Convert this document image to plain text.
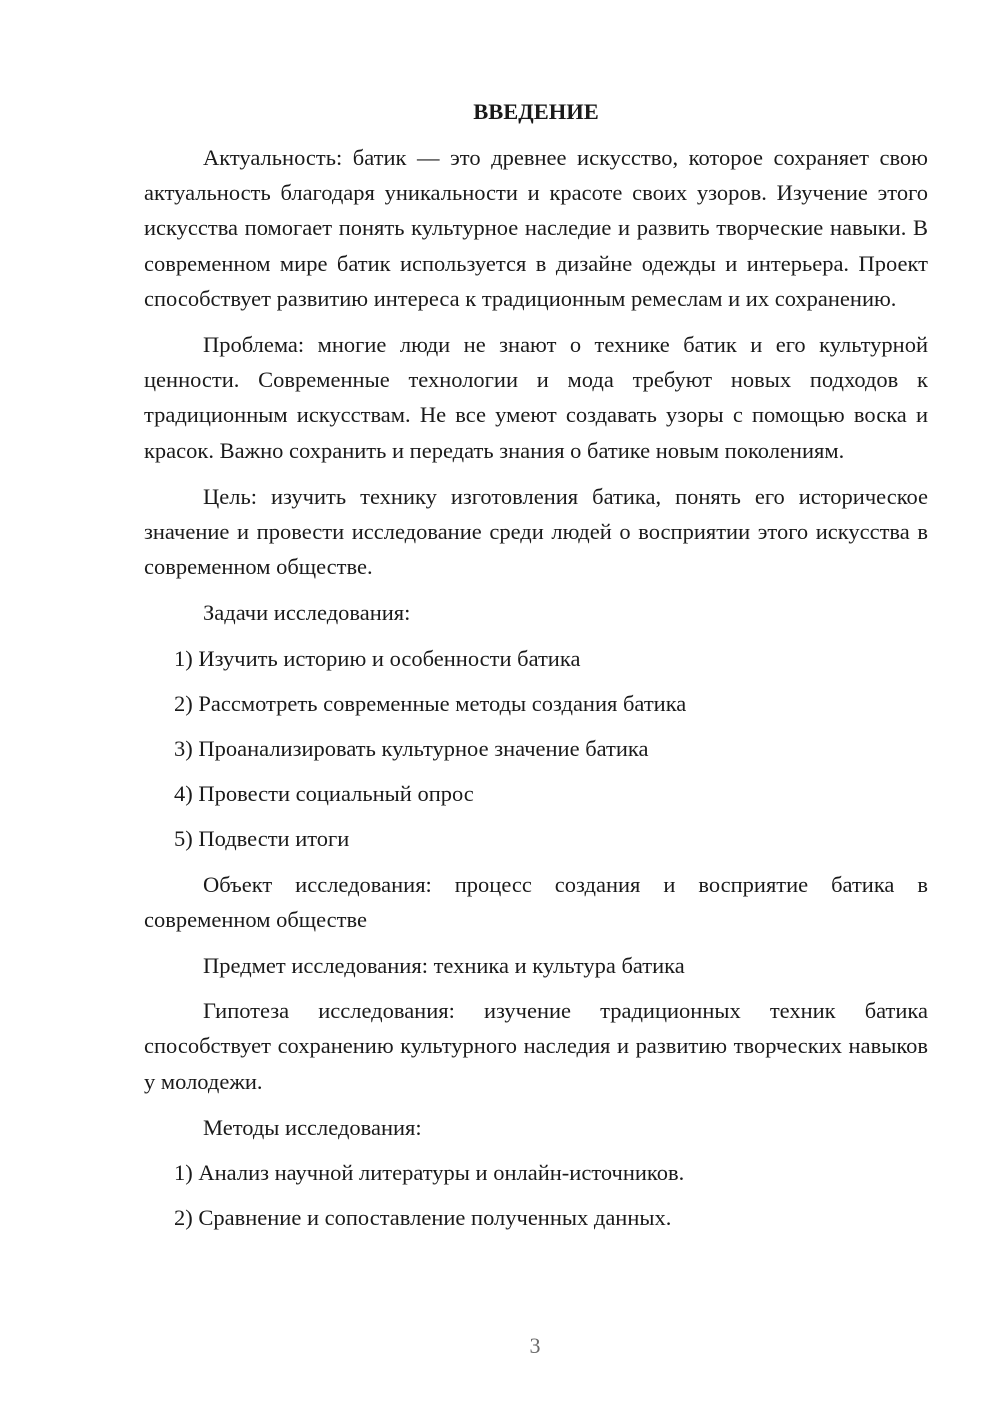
ВВЕДЕНИЕ
Актуальность: батик — это древнее искусство, которое сохраняет свою актуальность благодаря уникальности и красоте своих узоров. Изучение этого искусства помогает понять культурное наследие и развить творческие навыки. В современном мире батик используется в дизайне одежды и интерьера. Проект способствует развитию интереса к традиционным ремеслам и их сохранению.
Проблема: многие люди не знают о технике батик и его культурной ценности. Современные технологии и мода требуют новых подходов к традиционным искусствам. Не все умеют создавать узоры с помощью воска и красок. Важно сохранить и передать знания о батике новым поколениям.
Цель: изучить технику изготовления батика, понять его историческое значение и провести исследование среди людей о восприятии этого искусства в современном обществе.
Задачи исследования:
1) Изучить историю и особенности батика
2) Рассмотреть современные методы создания батика
3) Проанализировать культурное значение батика
4) Провести социальный опрос
5) Подвести итоги
Объект исследования: процесс создания и восприятие батика в современном обществе
Предмет исследования: техника и культура батика
Гипотеза исследования: изучение традиционных техник батика способствует сохранению культурного наследия и развитию творческих навыков у молодежи.
Методы исследования:
1) Анализ научной литературы и онлайн-источников.
2) Сравнение и сопоставление полученных данных.
3
